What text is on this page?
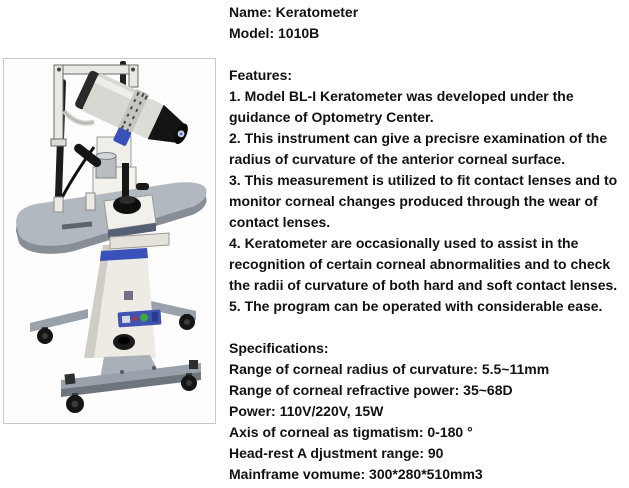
Name: Keratometer
Model: 1010B
Features:
1. Model BL-I Keratometer was developed under the guidance of Optometry Center.
2. This instrument can give a precisre examination of the radius of curvature of the anterior corneal surface.
3. This measurement is utilized to fit contact lenses and to monitor corneal changes produced through the wear of contact lenses.
4. Keratometer are occasionally used to assist in the recognition of certain corneal abnormalities and to check the radii of curvature of both hard and soft contact lenses.
5. The program can be operated with considerable ease.
Specifications:
Range of corneal radius of curvature: 5.5~11mm
Range of corneal refractive power: 35~68D
Power: 110V/220V, 15W
Axis of corneal as tigmatism: 0-180 °
Head-rest A djustment range: 90
Mainframe vomume: 300*280*510mm3
